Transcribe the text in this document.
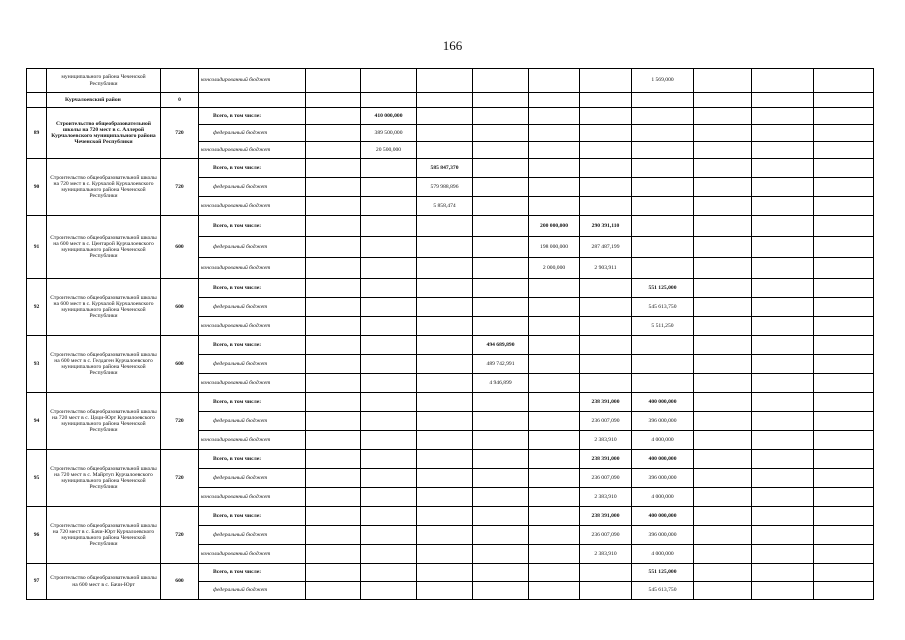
166
	муниципального района Чеченской Республики		консолидированный бюджет							1 569,000			
	Курчалоевский район	0											
89	Строительство общеобразовательной школы на 720 мест в с. Аллерой Курчалоевского муниципального района Чеченской Республики	720	Всего, в том числе:		410 000,000								
			федеральный бюджет		389 500,000								
			консолидированный бюджет		20 500,000								
90	Строительство общеобразовательной школы на 720 мест в с. Курчалой Курчалоевского муниципального района Чеченской Республики	720	Всего, в том числе:			585 847,370							
			федеральный бюджет			579 988,896							
			консолидированный бюджет			5 858,474							
91	Строительство общеобразовательной школы на 600 мест в с. Центарой Курчалоевского муниципального района Чеченской Республики	600	Всего, в том числе:					200 000,000	290 391,110				
			федеральный бюджет					198 000,000	287 487,199				
			консолидированный бюджет					2 000,000	2 903,911				
92	Строительство общеобразовательной школы на 600 мест в с. Курчалой Курчалоевского муниципального района Чеченской Республики	600	Всего, в том числе:							551 125,000			
			федеральный бюджет							545 613,750			
			консолидированный бюджет							5 511,250			
93	Строительство общеобразовательной школы на 600 мест в с. Гелдаген Курчалоевского муниципального района Чеченской Республики	600	Всего, в том числе:				494 689,890						
			федеральный бюджет				489 742,991						
			консолидированный бюджет				4 946,899						
94	Строительство общеобразовательной школы на 720 мест в с. Цоци-Юрт Курчалоевского муниципального района Чеченской Республики	720	Всего, в том числе:						238 391,000	400 000,000			
			федеральный бюджет						236 007,090	396 000,000			
			консолидированный бюджет						2 383,910	4 000,000			
95	Строительство общеобразовательной школы на 720 мест в с. Майртуп Курчалоевского муниципального района Чеченской Республики	720	Всего, в том числе:						238 391,000	400 000,000			
			федеральный бюджет						236 007,090	396 000,000			
			консолидированный бюджет						2 383,910	4 000,000			
96	Строительство общеобразовательной школы на 720 мест в с. Бачи-Юрт Курчалоевского муниципального района Чеченской Республики	720	Всего, в том числе:						238 391,000	400 000,000			
			федеральный бюджет						236 007,090	396 000,000			
			консолидированный бюджет						2 383,910	4 000,000			
97	Строительство общеобразовательной школы на 600 мест в с. Бачи-Юрт	600	Всего, в том числе:							551 125,000			
			федеральный бюджет							545 613,750			
